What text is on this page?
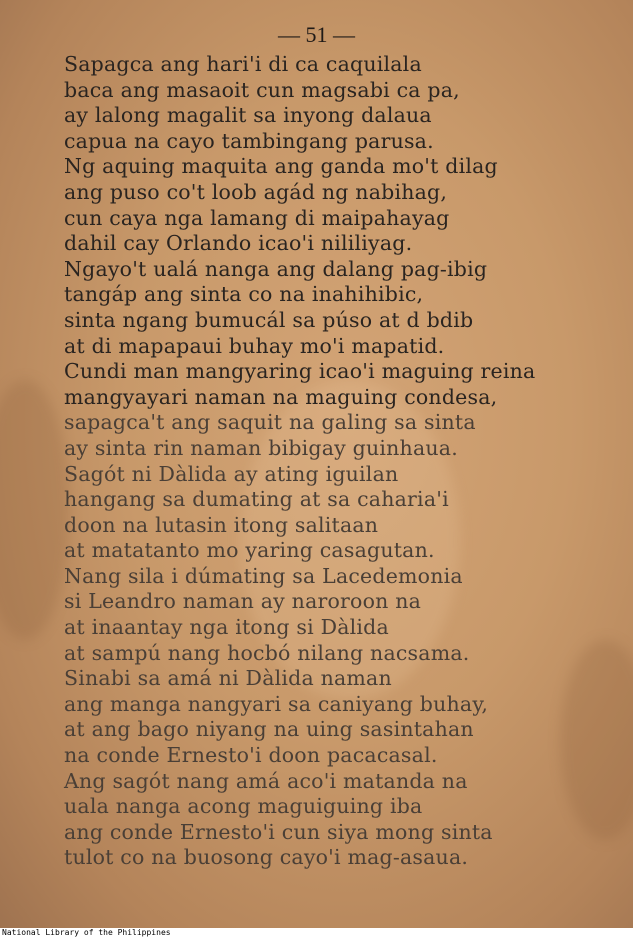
— 51 —
Sapagca ang hari'i di ca caquilala
baca ang masaoit cun magsabi ca pa,
ay lalong magalit sa inyong dalaua
capua na cayo tambingang parusa.
Ng aquing maquita ang ganda mo't dilag
ang puso co't loob agád ng nabihag,
cun caya nga lamang di maipahayag
dahil cay Orlando icao'i nililiyag.
Ngayo't ualá nanga ang dalang pag-ibig
tangáp ang sinta co na inahihibic,
sinta ngang bumucál sa púso at d bdib
at di mapapaui buhay mo'i mapatid.
Cundi man mangyaring icao'i maguing reina
mangyayari naman na maguing condesa,
sapagca't ang saquit na galing sa sinta
ay sinta rin naman bibigay guinhaua.
Sagót ni Dàlida ay ating iguilan
hangang sa dumating at sa caharia'i
doon na lutasin itong salitaan
at matatanto mo yaring casagutan.
Nang sila i dúmating sa Lacedemonia
si Leandro naman ay naroroon na
at inaantay nga itong si Dàlida
at sampú nang hocbó nilang nacsama.
Sinabi sa amá ni Dàlida naman
ang manga nangyari sa caniyang buhay,
at ang bago niyang na uing sasintahan
na conde Ernesto'i doon pacacasal.
Ang sagót nang amá aco'i matanda na
uala nanga acong maguiguing iba
ang conde Ernesto'i cun siya mong sinta
tulot co na buosong cayo'i mag-asaua.
National Library of the Philippines
